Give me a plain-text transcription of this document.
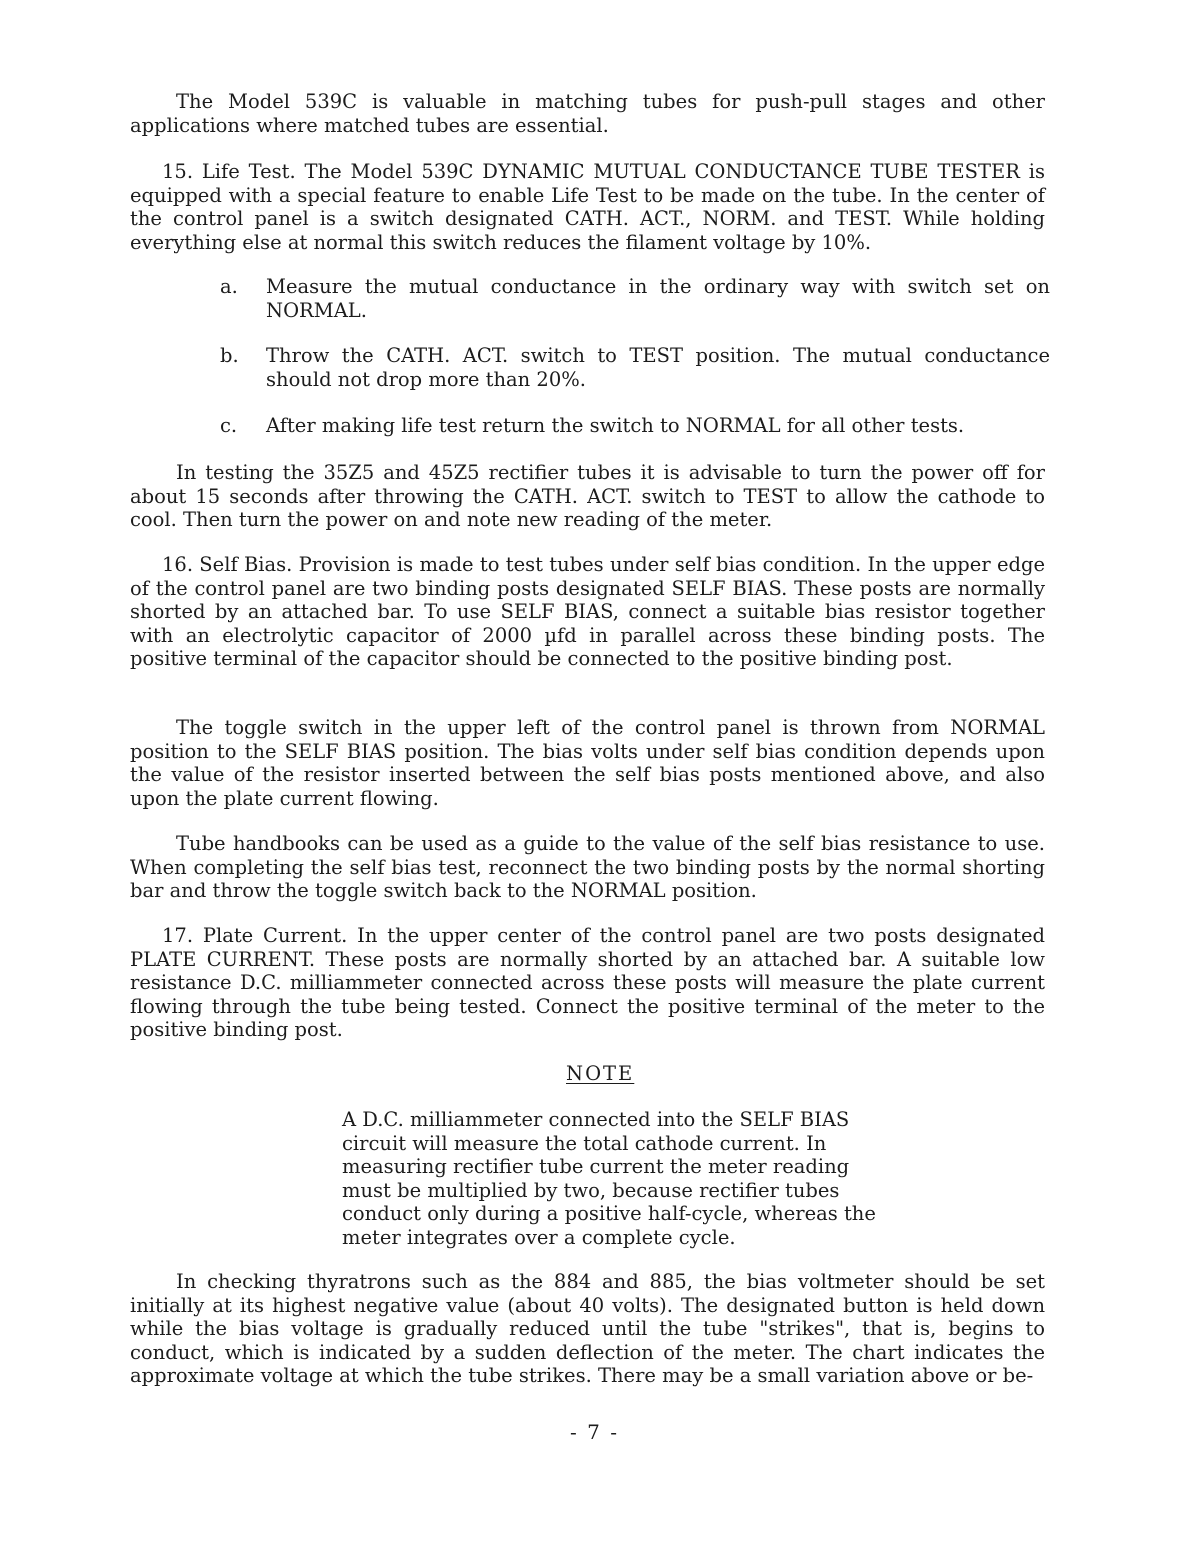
The Model 539C is valuable in matching tubes for push-pull stages and other applications where matched tubes are essential.

15. Life Test. The Model 539C DYNAMIC MUTUAL CONDUCTANCE TUBE TESTER is equipped with a special feature to enable Life Test to be made on the tube. In the center of the control panel is a switch designated CATH. ACT., NORM. and TEST. While holding everything else at normal this switch reduces the filament voltage by 10%.

a. Measure the mutual conductance in the ordinary way with switch set on NORMAL.
b. Throw the CATH. ACT. switch to TEST position. The mutual conductance should not drop more than 20%.
c. After making life test return the switch to NORMAL for all other tests.

In testing the 35Z5 and 45Z5 rectifier tubes it is advisable to turn the power off for about 15 seconds after throwing the CATH. ACT. switch to TEST to allow the cathode to cool. Then turn the power on and note new reading of the meter.

16. Self Bias. Provision is made to test tubes under self bias condition. In the upper edge of the control panel are two binding posts designated SELF BIAS. These posts are normally shorted by an attached bar. To use SELF BIAS, connect a suitable bias resistor together with an electrolytic capacitor of 2000 µfd in parallel across these binding posts. The positive terminal of the capacitor should be connected to the positive binding post.

The toggle switch in the upper left of the control panel is thrown from NORMAL position to the SELF BIAS position. The bias volts under self bias condition depends upon the value of the resistor inserted between the self bias posts mentioned above, and also upon the plate current flowing.

Tube handbooks can be used as a guide to the value of the self bias resistance to use. When completing the self bias test, reconnect the two binding posts by the normal shorting bar and throw the toggle switch back to the NORMAL position.

17. Plate Current. In the upper center of the control panel are two posts designated PLATE CURRENT. These posts are normally shorted by an attached bar. A suitable low resistance D.C. milliammeter connected across these posts will measure the plate current flowing through the tube being tested. Connect the positive terminal of the meter to the positive binding post.

NOTE

A D.C. milliammeter connected into the SELF BIAS circuit will measure the total cathode current. In measuring rectifier tube current the meter reading must be multiplied by two, because rectifier tubes conduct only during a positive half-cycle, whereas the meter integrates over a complete cycle.

In checking thyratrons such as the 884 and 885, the bias voltmeter should be set initially at its highest negative value (about 40 volts). The designated button is held down while the bias voltage is gradually reduced until the tube "strikes", that is, begins to conduct, which is indicated by a sudden deflection of the meter. The chart indicates the approximate voltage at which the tube strikes. There may be a small variation above or be-

- 7 -
